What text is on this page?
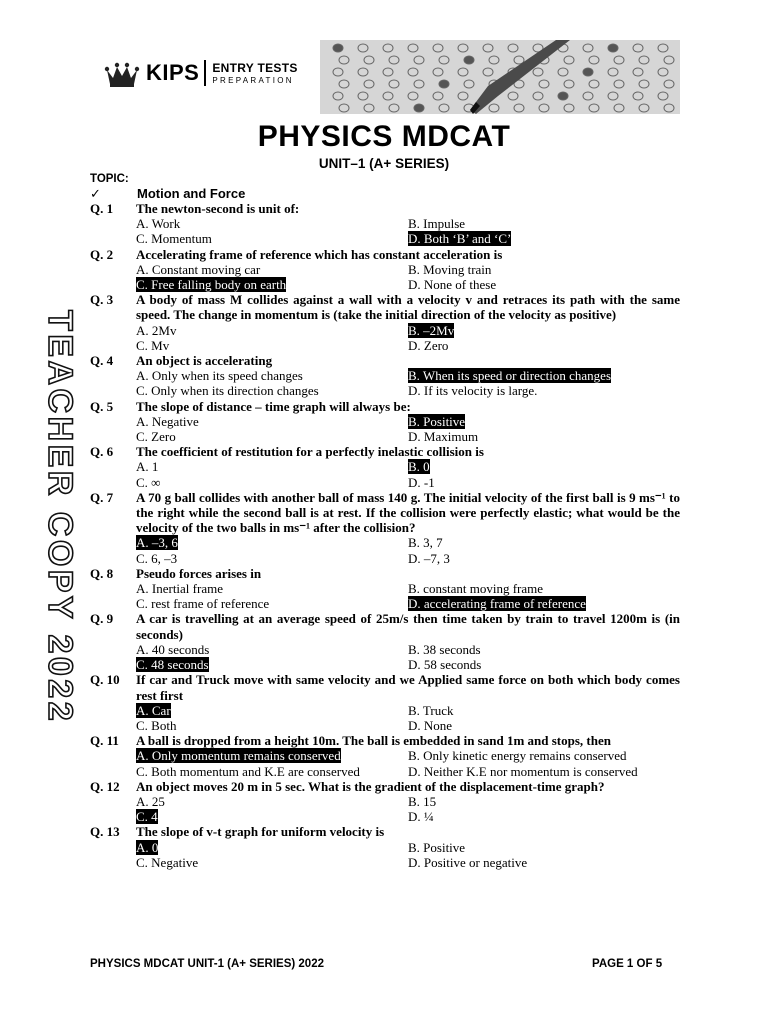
KIPS ENTRY TESTS
PREPARATION
PHYSICS MDCAT
UNIT–1 (A+ SERIES)
TOPIC:
✓	Motion and Force
TEACHER COPY 2022
Q. 1	The newton-second is unit of:
A. Work	B. Impulse
C. Momentum	D. Both ‘B’ and ‘C’
Q. 2	Accelerating frame of reference which has constant acceleration is
A. Constant moving car	B. Moving train
C. Free falling body on earth	D. None of these
Q. 3	A body of mass M collides against a wall with a velocity v and retraces its path with the same speed. The change in momentum is (take the initial direction of the velocity as positive)
A. 2Mv	B. –2Mv
C. Mv	D. Zero
Q. 4	An object is accelerating
A. Only when its speed changes	B. When its speed or direction changes
C. Only when its direction changes	D. If its velocity is large.
Q. 5	The slope of distance – time graph will always be:
A. Negative	B. Positive
C. Zero	D. Maximum
Q. 6	The coefficient of restitution for a perfectly inelastic collision is
A. 1	B. 0
C. ∞	D. -1
Q. 7	A 70 g ball collides with another ball of mass 140 g. The initial velocity of the first ball is 9 ms⁻¹ to the right while the second ball is at rest. If the collision were perfectly elastic; what would be the velocity of the two balls in ms⁻¹ after the collision?
A. –3, 6	B. 3, 7
C. 6, –3	D. –7, 3
Q. 8	Pseudo forces arises in
A. Inertial frame	B. constant moving frame
C. rest frame of reference	D. accelerating frame of reference
Q. 9	A car is travelling at an average speed of 25m/s then time taken by train to travel 1200m is (in seconds)
A. 40 seconds	B. 38 seconds
C. 48 seconds	D. 58 seconds
Q. 10	If car and Truck move with same velocity and we Applied same force on both which body comes rest first
A. Car	B. Truck
C. Both	D. None
Q. 11	A ball is dropped from a height 10m. The ball is embedded in sand 1m and stops, then
A. Only momentum remains conserved	B. Only kinetic energy remains conserved
C. Both momentum and K.E are conserved	D. Neither K.E nor momentum is conserved
Q. 12	An object moves 20 m in 5 sec. What is the gradient of the displacement-time graph?
A. 25	B. 15
C. 4	D. ¼
Q. 13	The slope of v-t graph for uniform velocity is
A. 0	B. Positive
C. Negative	D. Positive or negative
PHYSICS MDCAT UNIT-1 (A+ SERIES) 2022	PAGE 1 OF 5
